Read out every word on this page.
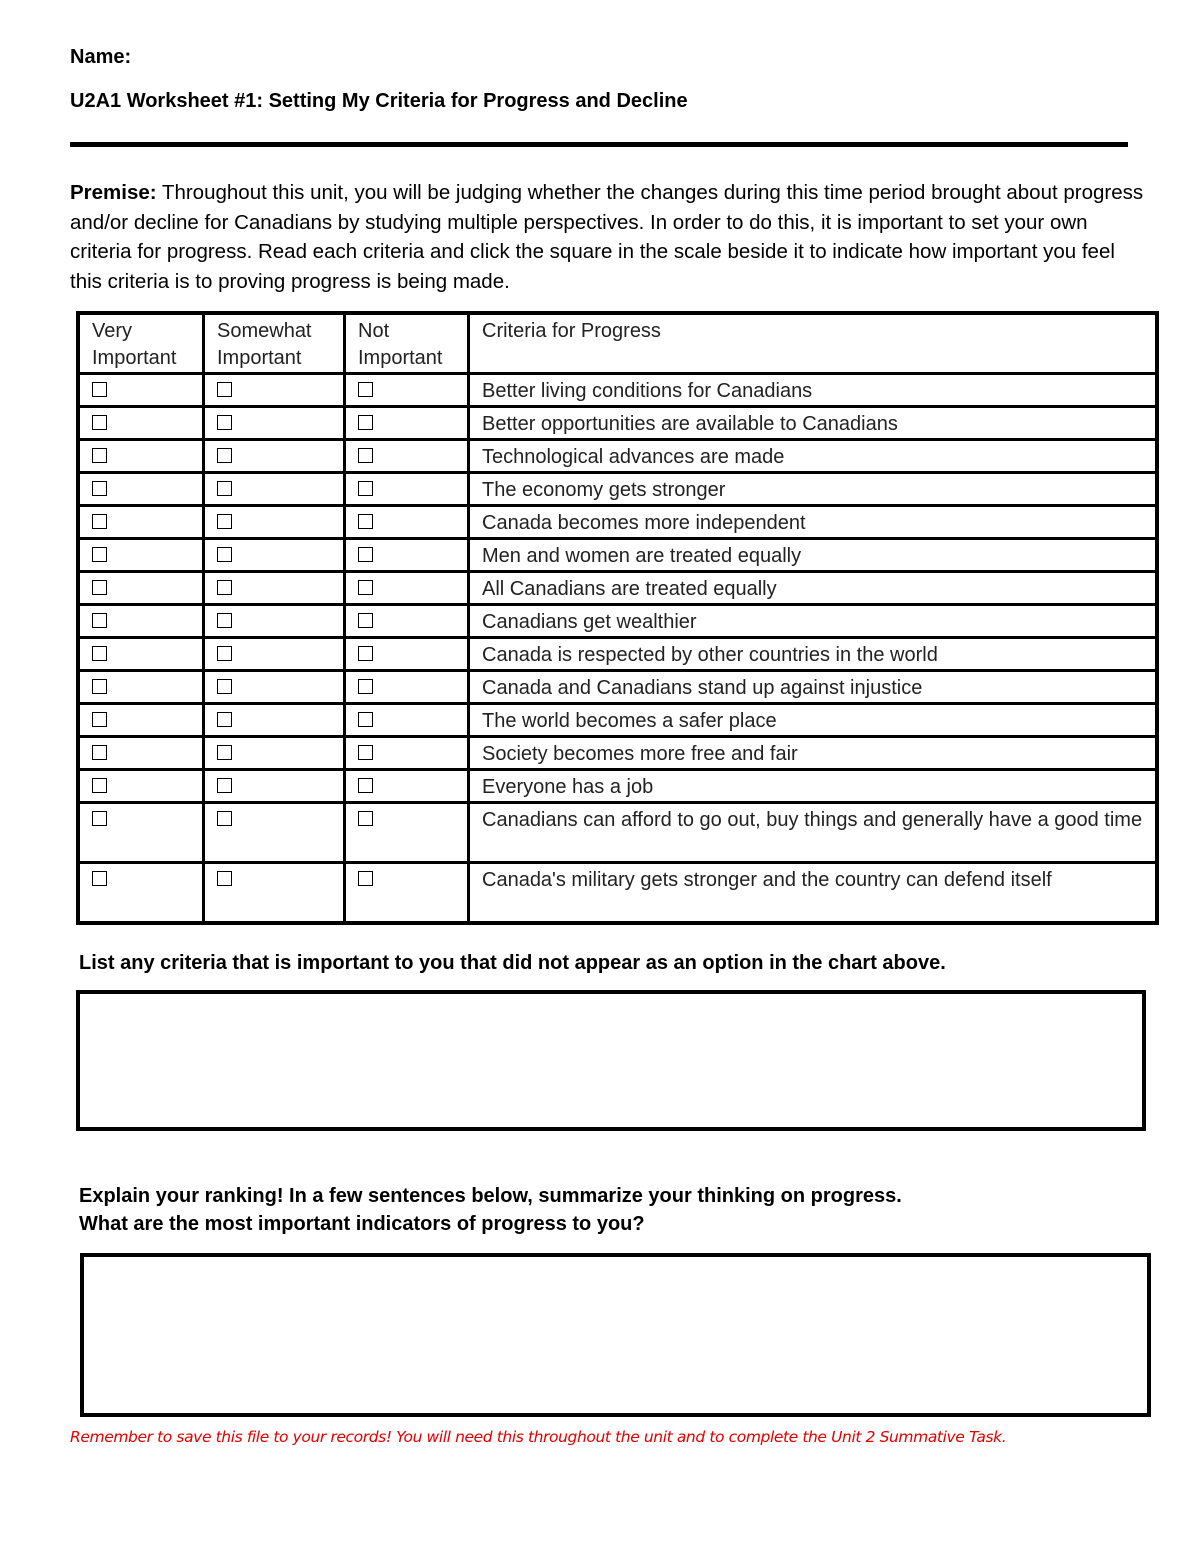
Name:
U2A1 Worksheet #1: Setting My Criteria for Progress and Decline
Premise: Throughout this unit, you will be judging whether the changes during this time period brought about progress and/or decline for Canadians by studying multiple perspectives. In order to do this, it is important to set your own criteria for progress. Read each criteria and click the square in the scale beside it to indicate how important you feel this criteria is to proving progress is being made.
Very Important	Somewhat Important	Not Important	Criteria for Progress
			Better living conditions for Canadians
			Better opportunities are available to Canadians
			Technological advances are made
			The economy gets stronger
			Canada becomes more independent
			Men and women are treated equally
			All Canadians are treated equally
			Canadians get wealthier
			Canada is respected by other countries in the world
			Canada and Canadians stand up against injustice
			The world becomes a safer place
			Society becomes more free and fair
			Everyone has a job
			Canadians can afford to go out, buy things and generally have a good time
			Canada's military gets stronger and the country can defend itself
List any criteria that is important to you that did not appear as an option in the chart above.
Explain your ranking! In a few sentences below, summarize your thinking on progress.
What are the most important indicators of progress to you?
Remember to save this file to your records! You will need this throughout the unit and to complete the Unit 2 Summative Task.
